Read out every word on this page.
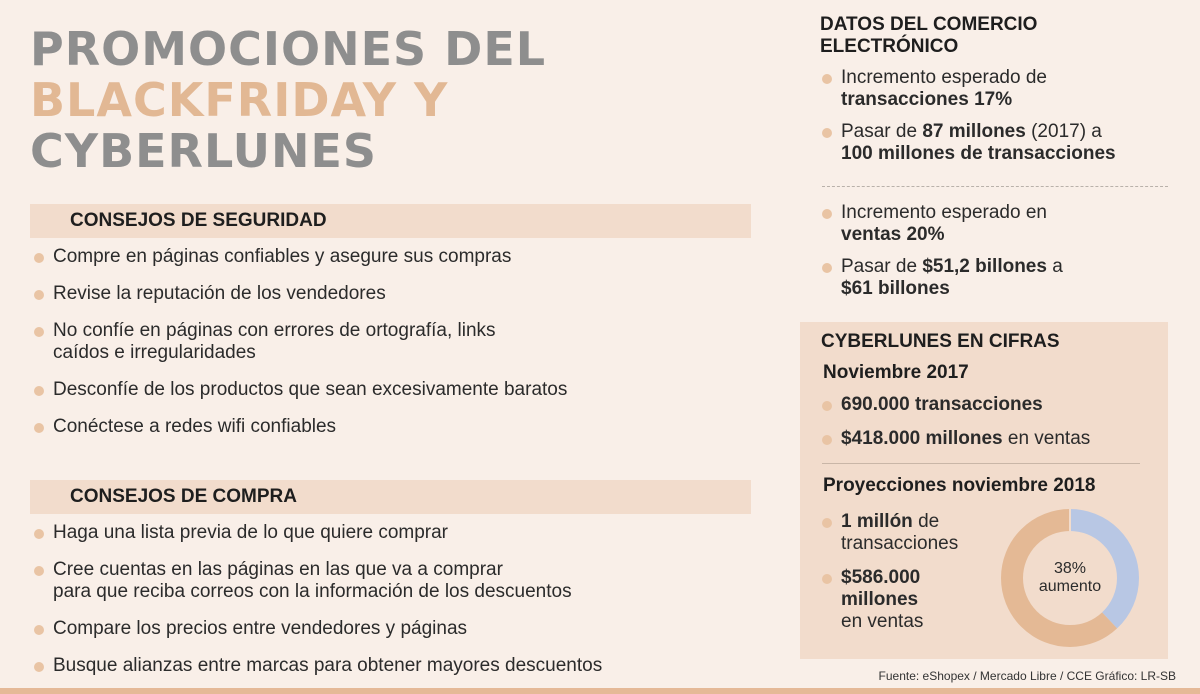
PROMOCIONES DEL
BLACKFRIDAY Y
CYBERLUNES
CONSEJOS DE SEGURIDAD
Compre en páginas confiables y asegure sus compras
Revise la reputación de los vendedores
No confíe en páginas con errores de ortografía, links
caídos e irregularidades
Desconfíe de los productos que sean excesivamente baratos
Conéctese a redes wifi confiables
CONSEJOS DE COMPRA
Haga una lista previa de lo que quiere comprar
Cree cuentas en las páginas en las que va a comprar
para que reciba correos con la información de los descuentos
Compare los precios entre vendedores y páginas
Busque alianzas entre marcas para obtener mayores descuentos
DATOS DEL COMERCIO
ELECTRÓNICO
Incremento esperado de
transacciones 17%
Pasar de 87 millones (2017) a
100 millones de transacciones
Incremento esperado en
ventas 20%
Pasar de $51,2 billones a
$61 billones
CYBERLUNES EN CIFRAS
Noviembre 2017
690.000 transacciones
$418.000 millones en ventas
Proyecciones noviembre 2018
1 millón de
transacciones
$586.000
millones
en ventas
38%
aumento
Fuente: eShopex / Mercado Libre / CCE Gráfico: LR-SB
